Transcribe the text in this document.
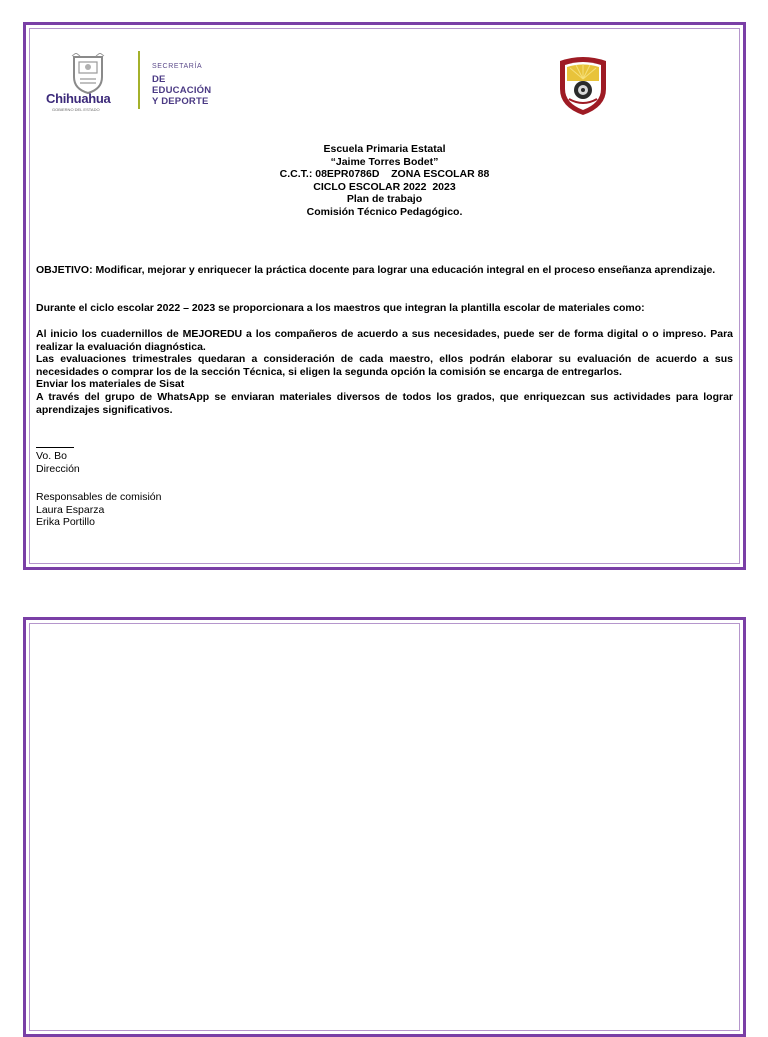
Chihuahua
GOBIERNO DEL ESTADO
SECRETARÍA
DE EDUCACIÓN
Y DEPORTE
Escuela Primaria Estatal
“Jaime Torres Bodet”
C.C.T.: 08EPR0786D    ZONA ESCOLAR 88
CICLO ESCOLAR 2022  2023
Plan de trabajo
Comisión Técnico Pedagógico.
OBJETIVO: Modificar, mejorar y enriquecer la práctica docente para lograr una educación integral en el proceso enseñanza aprendizaje.
Durante el ciclo escolar 2022 – 2023 se proporcionara a los maestros que integran la plantilla escolar de materiales como:
Al inicio los cuadernillos de MEJOREDU a los compañeros de acuerdo a sus necesidades, puede ser de forma digital o o impreso. Para realizar la evaluación diagnóstica.
Las evaluaciones trimestrales quedaran a consideración de cada maestro, ellos podrán elaborar su evaluación de acuerdo a sus necesidades o comprar los de la sección Técnica, si eligen la segunda opción la comisión se encarga de entregarlos.
Enviar los materiales de Sisat
A través del grupo de WhatsApp se enviaran materiales diversos de todos los grados, que enriquezcan sus actividades para lograr aprendizajes significativos.
Vo. Bo
Dirección
Responsables de comisión
Laura Esparza
Erika Portillo
